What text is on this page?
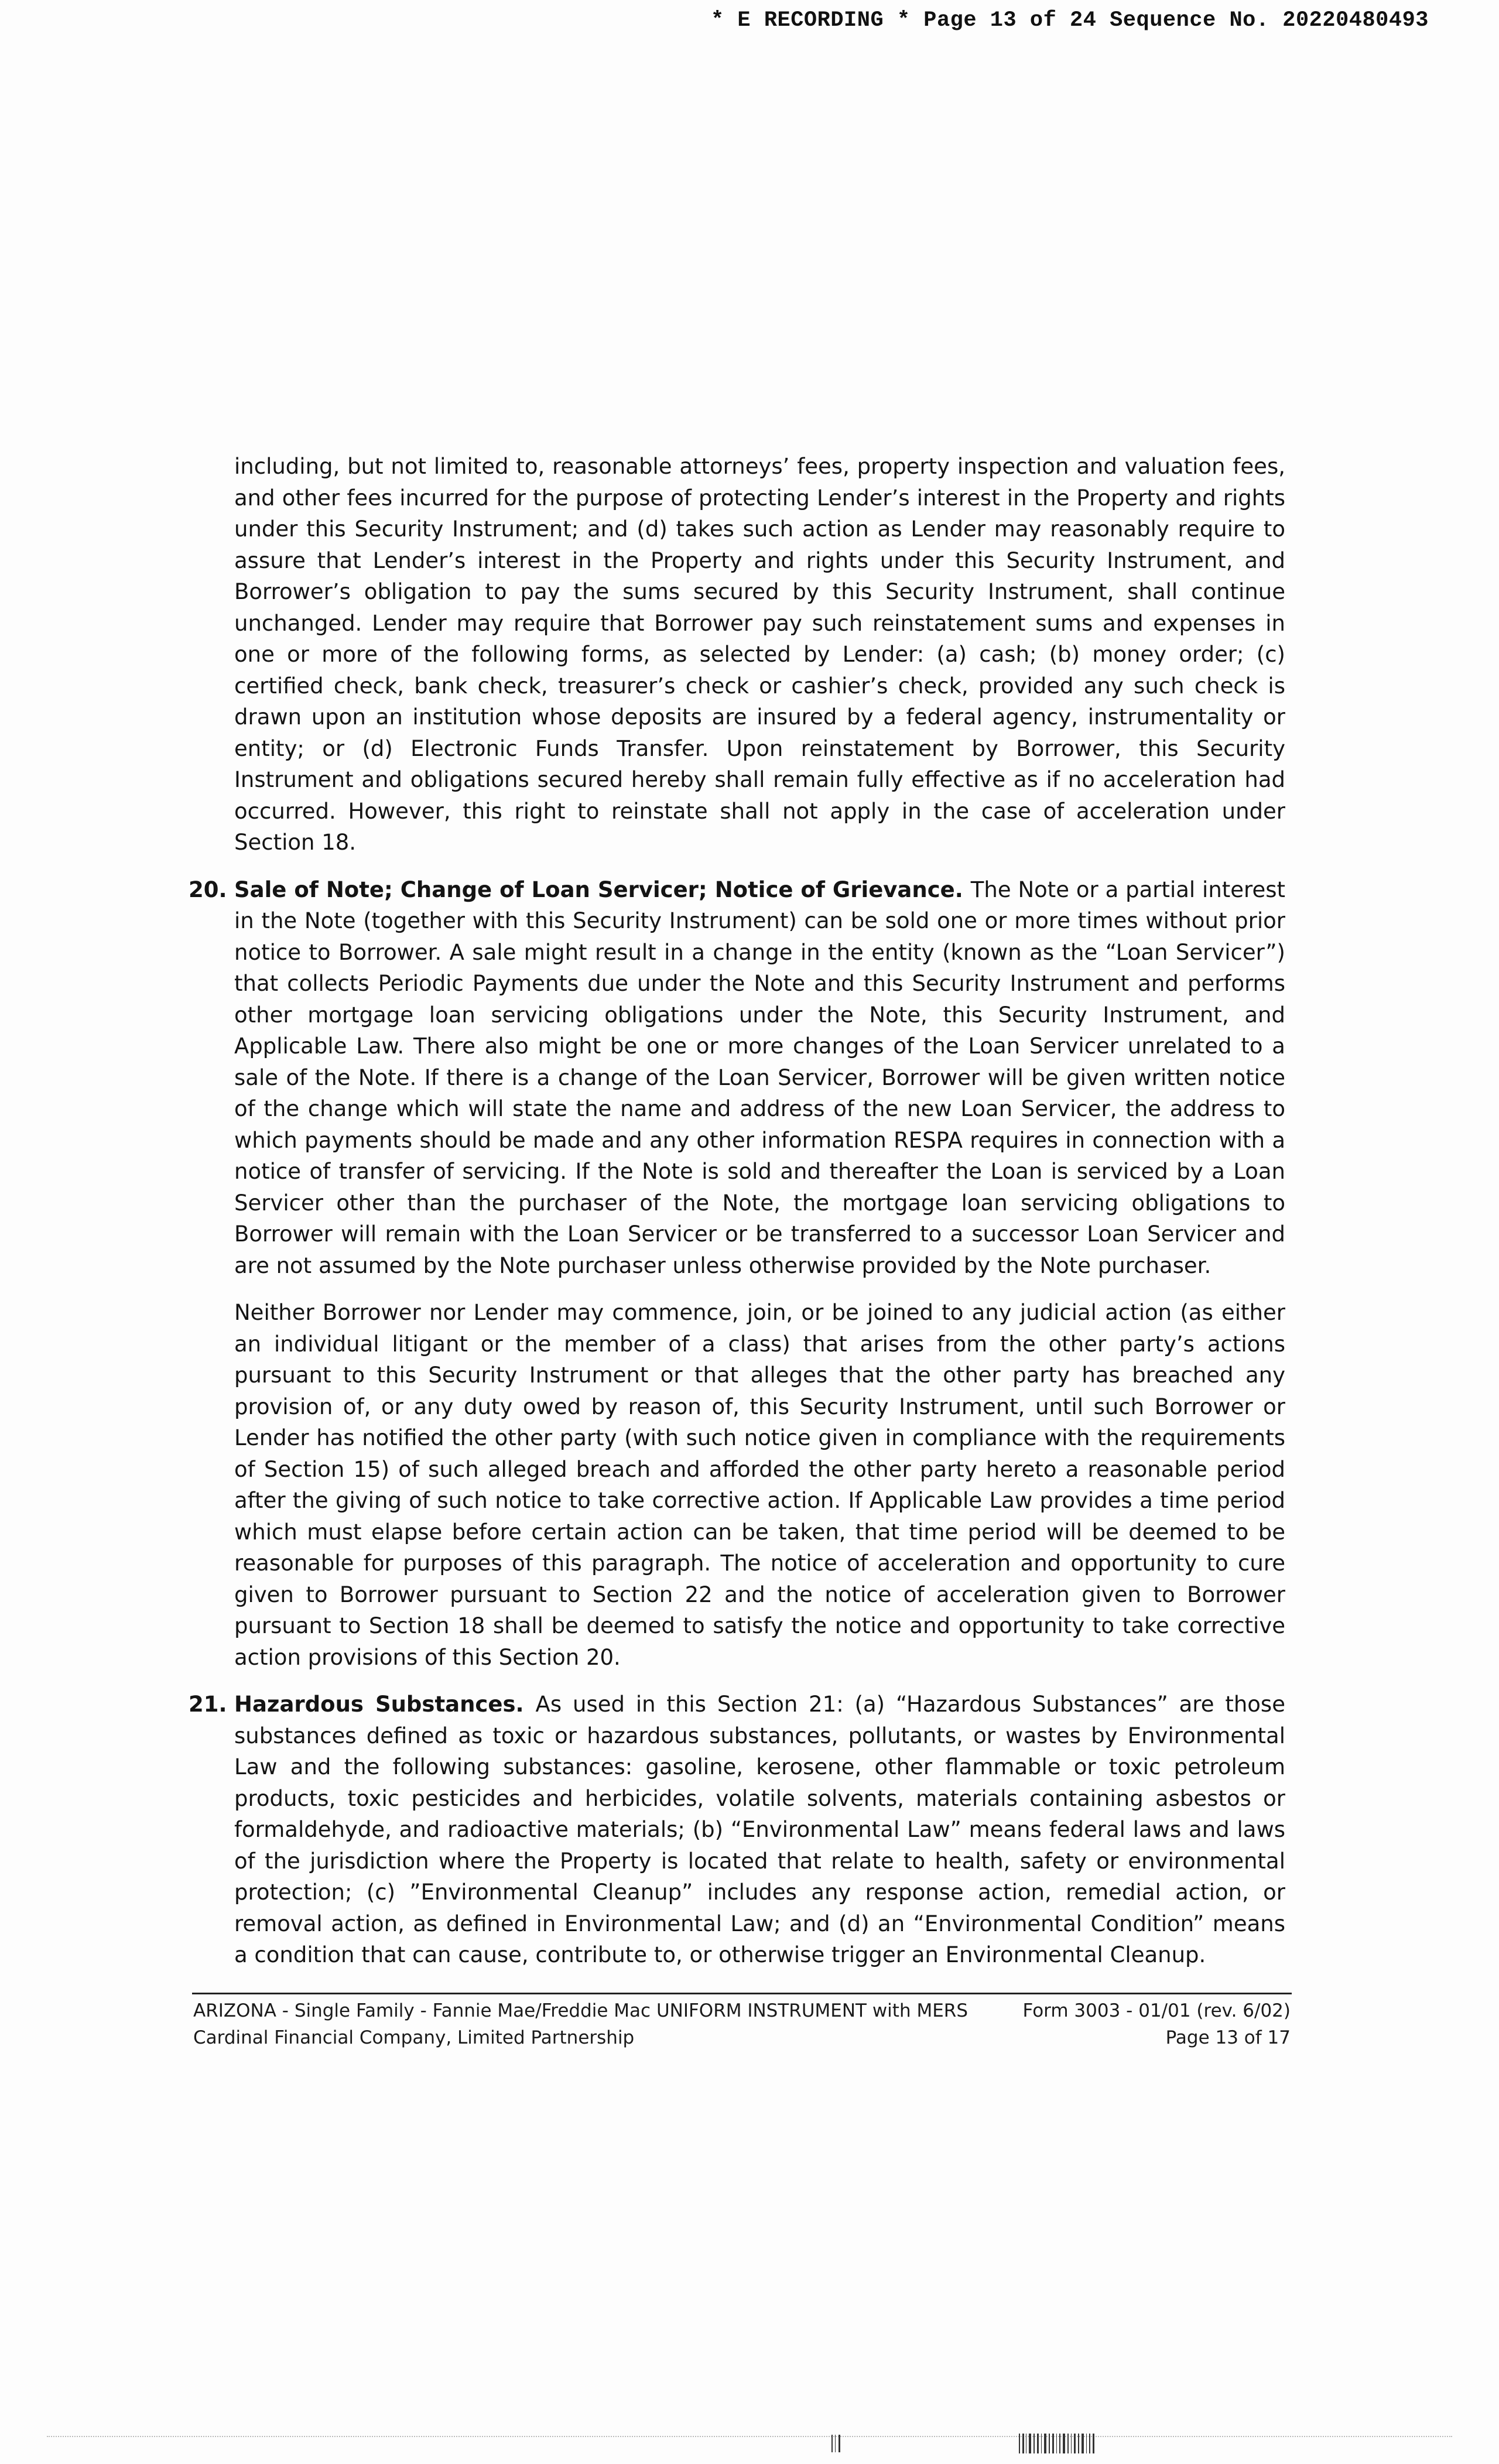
* E RECORDING * Page 13 of 24 Sequence No. 20220480493

including, but not limited to, reasonable attorneys’ fees, property inspection and valuation fees, and other fees incurred for the purpose of protecting Lender’s interest in the Property and rights under this Security Instrument; and (d) takes such action as Lender may reasonably require to assure that Lender’s interest in the Property and rights under this Security Instrument, and Borrower’s obligation to pay the sums secured by this Security Instrument, shall continue unchanged. Lender may require that Borrower pay such reinstatement sums and expenses in one or more of the following forms, as selected by Lender: (a) cash; (b) money order; (c) certified check, bank check, treasurer’s check or cashier’s check, provided any such check is drawn upon an institution whose deposits are insured by a federal agency, instrumentality or entity; or (d) Electronic Funds Transfer. Upon reinstatement by Borrower, this Security Instrument and obligations secured hereby shall remain fully effective as if no acceleration had occurred. However, this right to reinstate shall not apply in the case of acceleration under Section 18.

20. Sale of Note; Change of Loan Servicer; Notice of Grievance. The Note or a partial interest in the Note (together with this Security Instrument) can be sold one or more times without prior notice to Borrower. A sale might result in a change in the entity (known as the “Loan Servicer”) that collects Periodic Payments due under the Note and this Security Instrument and performs other mortgage loan servicing obligations under the Note, this Security Instrument, and Applicable Law. There also might be one or more changes of the Loan Servicer unrelated to a sale of the Note. If there is a change of the Loan Servicer, Borrower will be given written notice of the change which will state the name and address of the new Loan Servicer, the address to which payments should be made and any other information RESPA requires in connection with a notice of transfer of servicing. If the Note is sold and thereafter the Loan is serviced by a Loan Servicer other than the purchaser of the Note, the mortgage loan servicing obligations to Borrower will remain with the Loan Servicer or be transferred to a successor Loan Servicer and are not assumed by the Note purchaser unless otherwise provided by the Note purchaser.

Neither Borrower nor Lender may commence, join, or be joined to any judicial action (as either an individual litigant or the member of a class) that arises from the other party’s actions pursuant to this Security Instrument or that alleges that the other party has breached any provision of, or any duty owed by reason of, this Security Instrument, until such Borrower or Lender has notified the other party (with such notice given in compliance with the requirements of Section 15) of such alleged breach and afforded the other party hereto a reasonable period after the giving of such notice to take corrective action. If Applicable Law provides a time period which must elapse before certain action can be taken, that time period will be deemed to be reasonable for purposes of this paragraph. The notice of acceleration and opportunity to cure given to Borrower pursuant to Section 22 and the notice of acceleration given to Borrower pursuant to Section 18 shall be deemed to satisfy the notice and opportunity to take corrective action provisions of this Section 20.

21. Hazardous Substances. As used in this Section 21: (a) “Hazardous Substances” are those substances defined as toxic or hazardous substances, pollutants, or wastes by Environmental Law and the following substances: gasoline, kerosene, other flammable or toxic petroleum products, toxic pesticides and herbicides, volatile solvents, materials containing asbestos or formaldehyde, and radioactive materials; (b) “Environmental Law” means federal laws and laws of the jurisdiction where the Property is located that relate to health, safety or environmental protection; (c) ”Environmental Cleanup” includes any response action, remedial action, or removal action, as defined in Environmental Law; and (d) an “Environmental Condition” means a condition that can cause, contribute to, or otherwise trigger an Environmental Cleanup.
ARIZONA - Single Family - Fannie Mae/Freddie Mac UNIFORM INSTRUMENT with MERS
Cardinal Financial Company, Limited Partnership
Form 3003 - 01/01 (rev. 6/02)
Page 13 of 17
